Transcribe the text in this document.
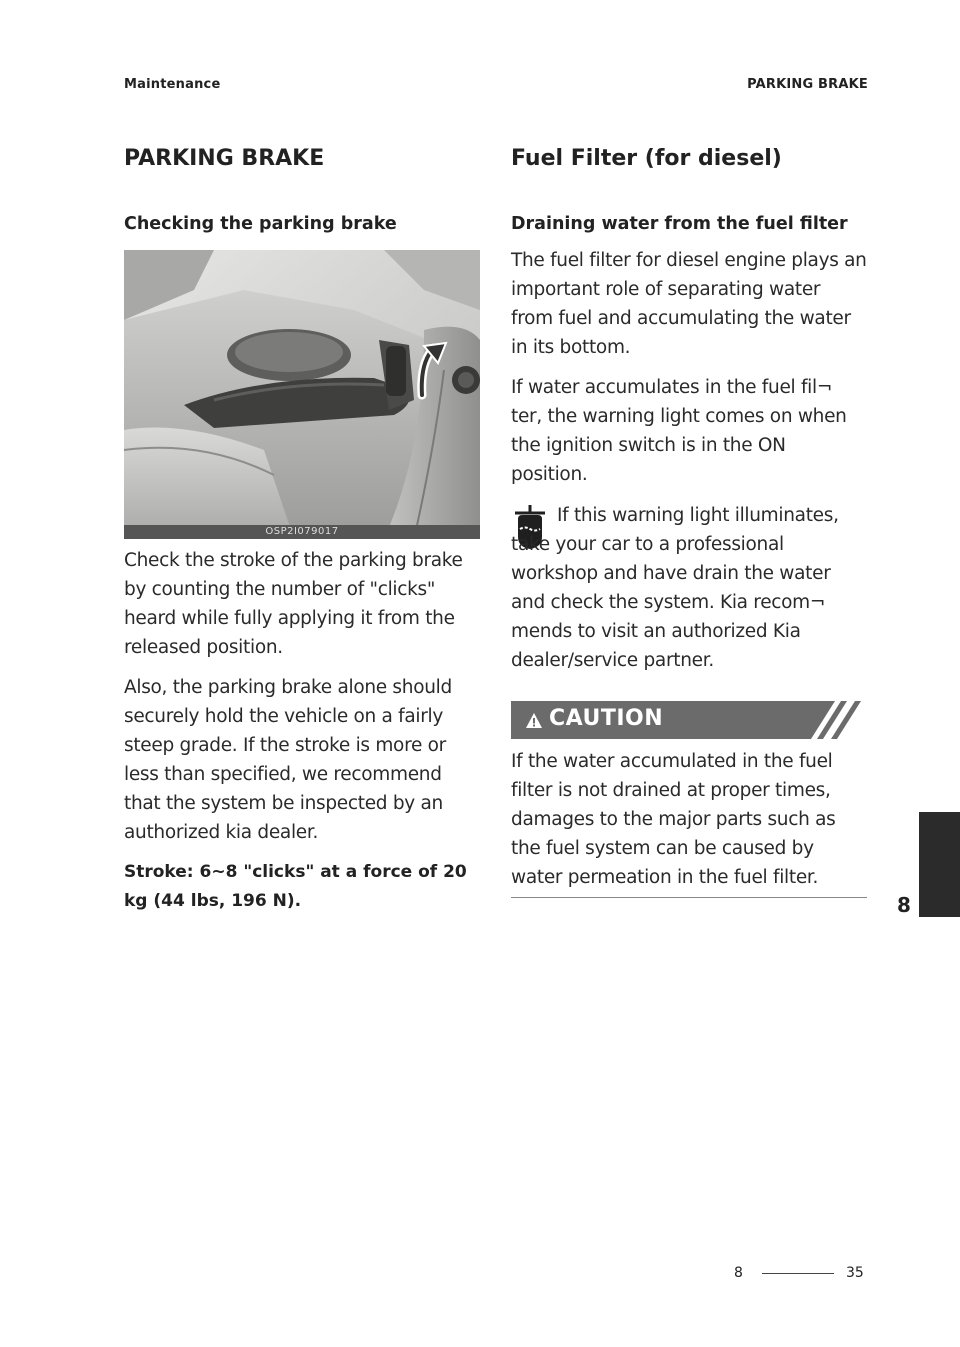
Maintenance	PARKING BRAKE
PARKING BRAKE
Checking the parking brake
OSP2I079017
Check the stroke of the parking brake by counting the number of "clicks" heard while fully applying it from the released position.
Also, the parking brake alone should securely hold the vehicle on a fairly steep grade. If the stroke is more or less than specified, we recommend that the system be inspected by an authorized kia dealer.
Stroke: 6~8 "clicks" at a force of 20 kg (44 lbs, 196 N).
Fuel Filter (for diesel)
Draining water from the fuel filter
The fuel filter for diesel engine plays an important role of separating water from fuel and accumulating the water in its bottom.
If water accumulates in the fuel fil¬ ter, the warning light comes on when the ignition switch is in the ON position.
If this warning light illuminates, take your car to a professional workshop and have drain the water and check the system. Kia recom¬ mends to visit an authorized Kia dealer/service partner.
CAUTION
If the water accumulated in the fuel filter is not drained at proper times, damages to the major parts such as the fuel system can be caused by water permeation in the fuel filter.
8
8	35
